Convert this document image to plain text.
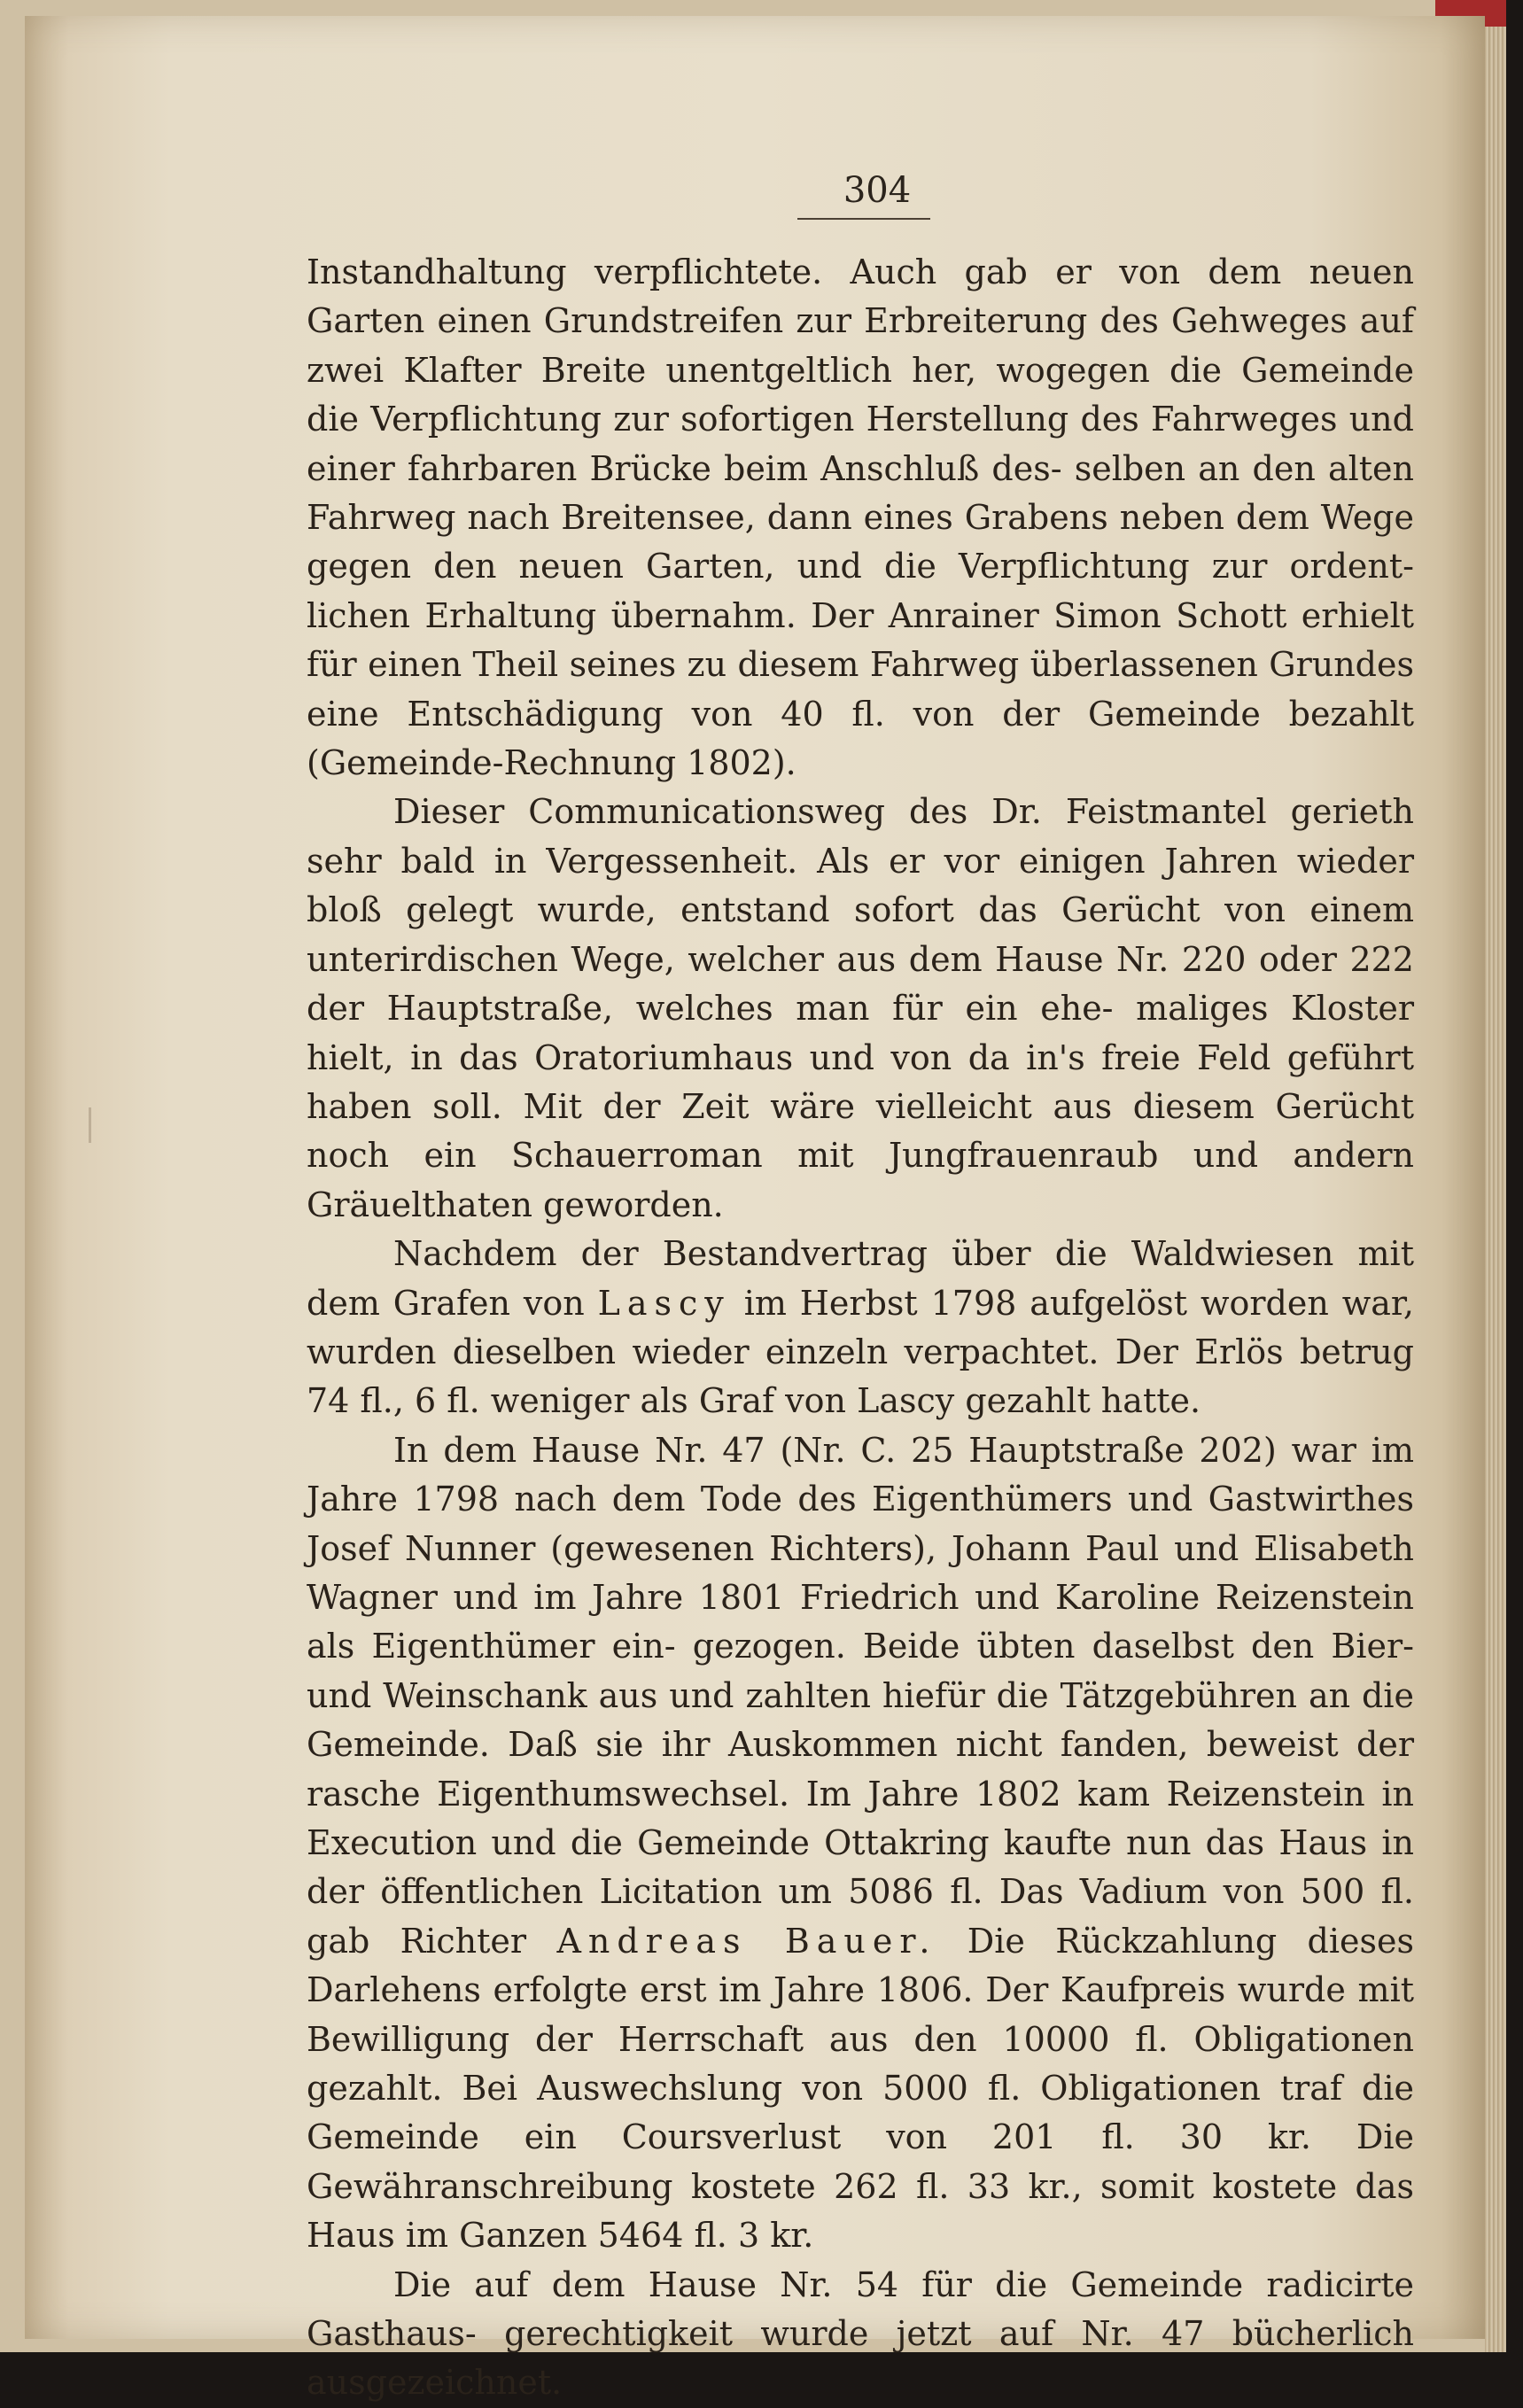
304

Instandhaltung verpflichtete. Auch gab er von dem neuen Garten einen Grundstreifen zur Erbreiterung des Gehweges auf zwei Klafter Breite unentgeltlich her, wogegen die Gemeinde die Verpflichtung zur sofortigen Herstellung des Fahrweges und einer fahrbaren Brücke beim Anschluß des- selben an den alten Fahrweg nach Breitensee, dann eines Grabens neben dem Wege gegen den neuen Garten, und die Verpflichtung zur ordent- lichen Erhaltung übernahm. Der Anrainer Simon Schott erhielt für einen Theil seines zu diesem Fahrweg überlassenen Grundes eine Entschädigung von 40 fl. von der Gemeinde bezahlt (Gemeinde-Rechnung 1802).

Dieser Communicationsweg des Dr. Feistmantel gerieth sehr bald in Vergessenheit. Als er vor einigen Jahren wieder bloß gelegt wurde, entstand sofort das Gerücht von einem unterirdischen Wege, welcher aus dem Hause Nr. 220 oder 222 der Hauptstraße, welches man für ein ehe- maliges Kloster hielt, in das Oratoriumhaus und von da in's freie Feld geführt haben soll. Mit der Zeit wäre vielleicht aus diesem Gerücht noch ein Schauerroman mit Jungfrauenraub und andern Gräuelthaten geworden.

Nachdem der Bestandvertrag über die Waldwiesen mit dem Grafen von Lascy im Herbst 1798 aufgelöst worden war, wurden dieselben wieder einzeln verpachtet. Der Erlös betrug 74 fl., 6 fl. weniger als Graf von Lascy gezahlt hatte.

In dem Hause Nr. 47 (Nr. C. 25 Hauptstraße 202) war im Jahre 1798 nach dem Tode des Eigenthümers und Gastwirthes Josef Nunner (gewesenen Richters), Johann Paul und Elisabeth Wagner und im Jahre 1801 Friedrich und Karoline Reizenstein als Eigenthümer ein- gezogen. Beide übten daselbst den Bier- und Weinschank aus und zahlten hiefür die Tätzgebühren an die Gemeinde. Daß sie ihr Auskommen nicht fanden, beweist der rasche Eigenthumswechsel. Im Jahre 1802 kam Reizenstein in Execution und die Gemeinde Ottakring kaufte nun das Haus in der öffentlichen Licitation um 5086 fl. Das Vadium von 500 fl. gab Richter Andreas Bauer. Die Rückzahlung dieses Darlehens erfolgte erst im Jahre 1806. Der Kaufpreis wurde mit Bewilligung der Herrschaft aus den 10000 fl. Obligationen gezahlt. Bei Auswechslung von 5000 fl. Obligationen traf die Gemeinde ein Coursverlust von 201 fl. 30 kr. Die Gewähranschreibung kostete 262 fl. 33 kr., somit kostete das Haus im Ganzen 5464 fl. 3 kr.

Die auf dem Hause Nr. 54 für die Gemeinde radicirte Gasthaus- gerechtigkeit wurde jetzt auf Nr. 47 bücherlich ausgezeichnet.
